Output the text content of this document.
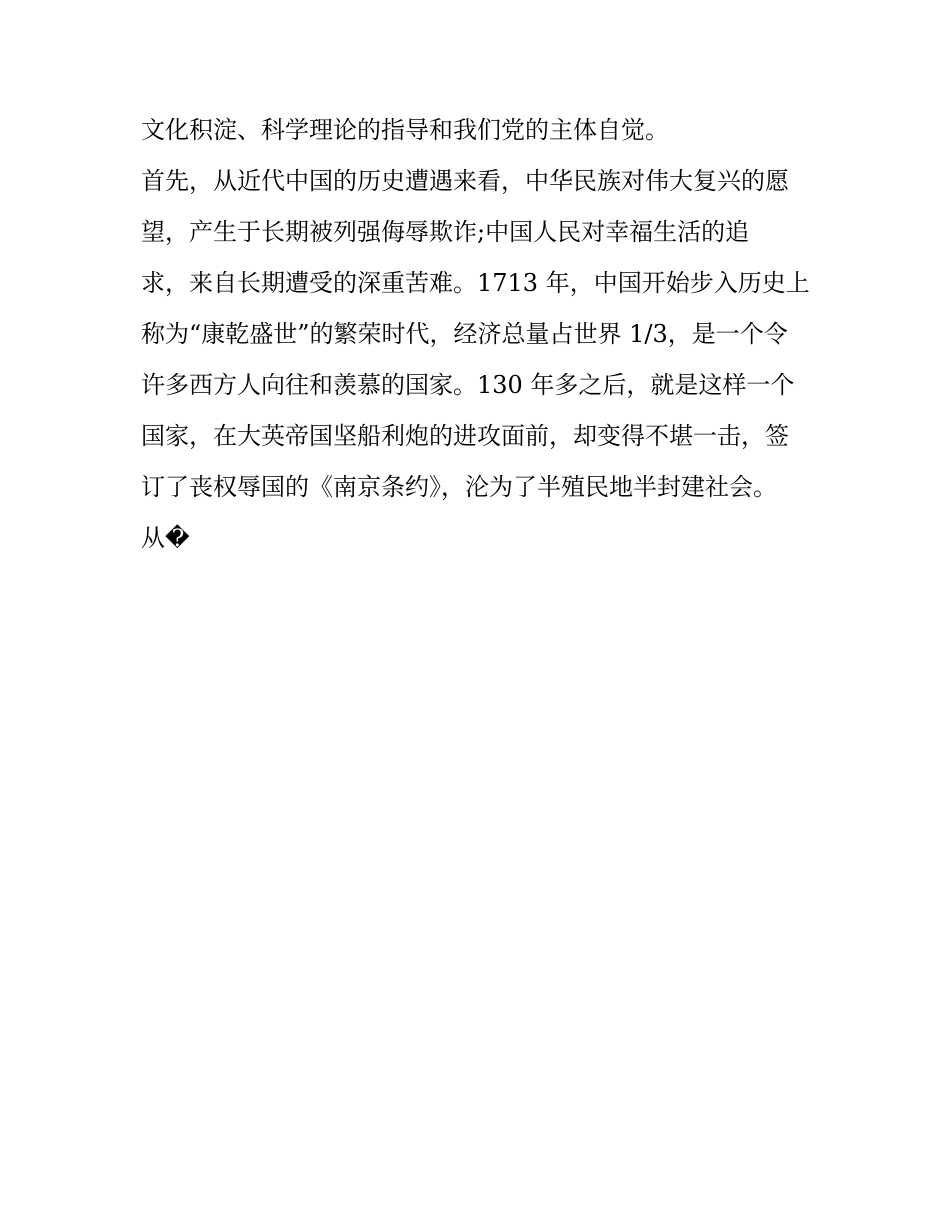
文化积淀、科学理论的指导和我们党的主体自觉。
首先，从近代中国的历史遭遇来看，中华民族对伟大复兴的愿
望，产生于长期被列强侮辱欺诈;中国人民对幸福生活的追
求，来自长期遭受的深重苦难。1713 年，中国开始步入历史上
称为“康乾盛世”的繁荣时代，经济总量占世界 1/3，是一个令
许多西方人向往和羡慕的国家。130 年多之后，就是这样一个
国家，在大英帝国坚船利炮的进攻面前，却变得不堪一击，签
订了丧权辱国的《南京条约》，沦为了半殖民地半封建社会。
从�
